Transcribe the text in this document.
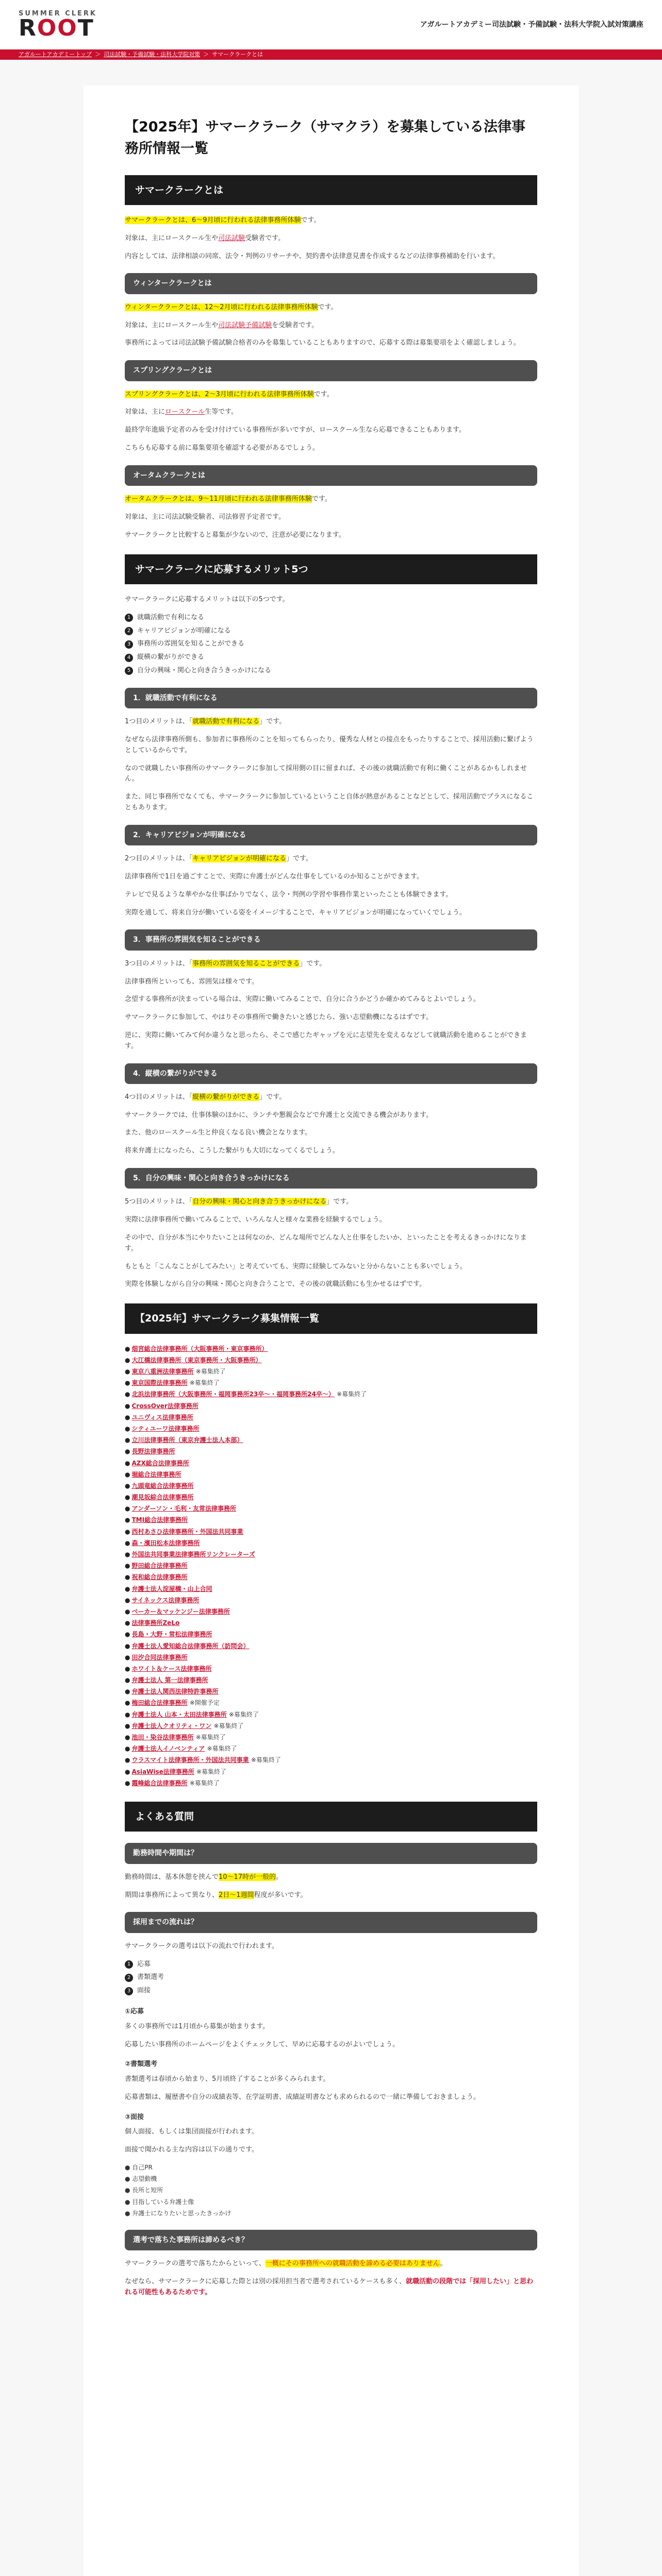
SUMMER CLERK
ROOT	アガルートアカデミー司法試験・予備試験・法科大学院入試対策講座
アガルートアカデミートップ ＞ 司法試験・予備試験・法科大学院対策 ＞ サマークラークとは
【2025年】サマークラーク（サマクラ）を募集している法律事務所情報一覧
サマークラークとは

サマークラークとは、6〜9月頃に行われる法律事務所体験です。

対象は、主にロースクール生や司法試験受験者です。

内容としては、法律相談の同席、法令・判例のリサーチや、契約書や法律意見書を作成するなどの法律事務補助を行います。

ウィンタークラークとは

ウィンタークラークとは、12〜2月頃に行われる法律事務所体験です。

対象は、主にロースクール生や司法試験予備試験を受験者です。

事務所によっては司法試験予備試験合格者のみを募集していることもありますので、応募する際は募集要項をよく確認しましょう。

スプリングクラークとは

スプリングクラークとは、2〜3月頃に行われる法律事務所体験です。

対象は、主にロースクール生等です。

最終学年進級予定者のみを受け付けている事務所が多いですが、ロースクール生なら応募できることもあります。

こちらも応募する前に募集要項を確認する必要があるでしょう。

オータムクラークとは

オータムクラークとは、9〜11月頃に行われる法律事務所体験です。

対象は、主に司法試験受験者、司法修習予定者です。

サマークラークと比較すると募集が少ないので、注意が必要になります。

サマークラークに応募するメリット5つ

サマークラークに応募するメリットは以下の5つです。

1 就職活動で有利になる
2 キャリアビジョンが明確になる
3 事務所の雰囲気を知ることができる
4 縦横の繋がりができる
5 自分の興味・関心と向き合うきっかけになる
1．就職活動で有利になる

1つ目のメリットは、「就職活動で有利になる」です。

なぜなら法律事務所側も、参加者に事務所のことを知ってもらったり、優秀な人材との接点をもったりすることで、採用活動に繋げようとしているからです。

なので就職したい事務所のサマークラークに参加して採用側の目に留まれば、その後の就職活動で有利に働くことがあるかもしれません。

また、同じ事務所でなくても、サマークラークに参加しているということ自体が熱意があることなどとして、採用活動でプラスになることもあります。

2．キャリアビジョンが明確になる

2つ目のメリットは、「キャリアビジョンが明確になる」です。

法律事務所で1日を過ごすことで、実際に弁護士がどんな仕事をしているのか知ることができます。

テレビで見るような華やかな仕事ばかりでなく、法令・判例の学習や事務作業といったことも体験できます。

実際を通して、将来自分が働いている姿をイメージすることで、キャリアビジョンが明確になっていくでしょう。

3．事務所の雰囲気を知ることができる

3つ目のメリットは、「事務所の雰囲気を知ることができる」です。

法律事務所といっても、雰囲気は様々です。

念望する事務所が決まっている場合は、実際に働いてみることで、自分に合うかどうか確かめてみるとよいでしょう。

サマークラークに参加して、やはりその事務所で働きたいと感じたら、強い志望動機になるはずです。

逆に、実際に働いてみて何か違うなと思ったら、そこで感じたギャップを元に志望先を変えるなどして就職活動を進めることができます。

4．縦横の繋がりができる

4つ目のメリットは、「縦横の繋がりができる」です。

サマークラークでは、仕事体験のほかに、ランチや懇親会などで弁護士と交流できる機会があります。

また、他のロースクール生と仲良くなる良い機会となります。

将来弁護士になったら、こうした繋がりも大切になってくるでしょう。

5．自分の興味・関心と向き合うきっかけになる

5つ目のメリットは、「自分の興味・関心と向き合うきっかけになる」です。

実際に法律事務所で働いてみることで、いろんな人と様々な業務を経験するでしょう。

その中で、自分が本当にやりたいことは何なのか、どんな場所でどんな人と仕事をしたいか、といったことを考えるきっかけになります。

もともと「こんなことがしてみたい」と考えていても、実際に経験してみないと分からないことも多いでしょう。

実際を体験しながら自分の興味・関心と向き合うことで、その後の就職活動にも生かせるはずです。

【2025年】サマークラーク募集情報一覧
● 畑宮総合法律事務所（大阪事務所・東京事務所）
● 大江橋法律事務所（東京事務所・大阪事務所）
● 東京八重洲法律事務所 ※募集終了
● 東京国際法律事務所 ※募集終了
● 北浜法律事務所（大阪事務所・福岡事務所23卒～・福岡事務所24卒～） ※募集終了
● CrossOver法律事務所
● ユニヴィス法律事務所
● シティユーワ法律事務所
● 立川法律事務所（東京弁護士法人本部）
● 長野法律事務所
● AZX総合法律事務所
● 堀総合法律事務所
● 九頭竜総合法律事務所
● 潮見坂綜合法律事務所
● アンダーソン・毛利・友常法律事務所
● TMI総合法律事務所
● 西村あさひ法律事務所・外国法共同事業
● 森・濱田松本法律事務所
● 外国法共同事業法律事務所リンクレーターズ
● 野田総合法律事務所
● 祝和総合法律事務所
● 弁護士法人淀屋橋・山上合同
● サイネックス法律事務所
● ベーカー＆マッケンジー法律事務所
● 法律事務所ZeLo
● 長島・大野・常松法律事務所
● 弁護士法人愛知総合法律事務所（訪問会）
● 田汐合同法律事務所
● ホワイト＆ケース法律事務所
● 弁護士法人 第一法律事務所
● 弁護士法人関西法律特許事務所
● 梅田総合法律事務所 ※開催予定
● 弁護士法人 山本・太田法律事務所 ※募集終了
● 弁護士法人クオリティ・ワン ※募集終了
● 池田・染谷法律事務所 ※募集終了
● 弁護士法人イノベンティア ※募集終了
● ウラスマイト法律事務所・外国法共同事業 ※募集終了
● AsiaWise法律事務所 ※募集終了
● 霞峰総合法律事務所 ※募集終了
よくある質問
勤務時間や期間は？

勤務時間は、基本休憩を挟んで10〜17時が一般的。

期間は事務所によって異なり、2日〜1週間程度が多いです。

採用までの流れは？

サマークラークの選考は以下の流れで行われます。

1 応募
2 書類選考
3 面接
①応募

多くの事務所では1月頃から募集が始まります。

応募したい事務所のホームページをよくチェックして、早めに応募するのがよいでしょう。

②書類選考

書類選考は春頃から始まり、5月頃終了することが多くみられます。

応募書類は、履歴書や自分の成績表等、在学証明書、成績証明書なども求められるので一緒に準備しておきましょう。

③面接

個人面接、もしくは集団面接が行われます。

面接で聞かれる主な内容は以下の通りです。

● 自己PR
● 志望動機
● 長所と短所
● 目指している弁護士像
● 弁護士になりたいと思ったきっかけ
選考で落ちた事務所は諦めるべき？

サマークラークの選考で落ちたからといって、一概にその事務所への就職活動を諦める必要はありません。

なぜなら、サマークラークに応募した際とは別の採用担当者で選考されているケースも多く、就職活動の段階では「採用したい」と思われる可能性もあるためです。
